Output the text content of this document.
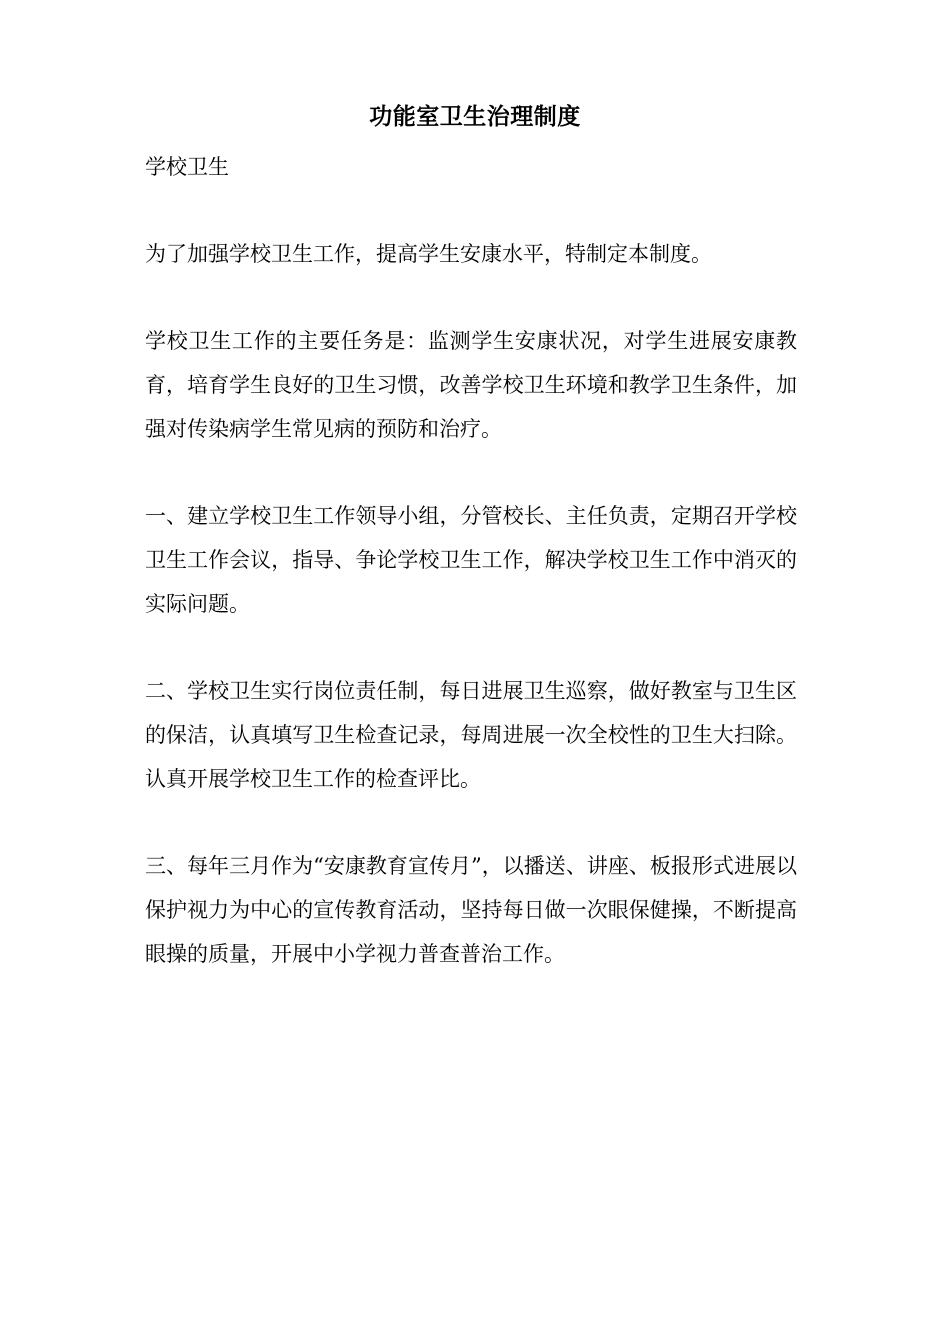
功能室卫生治理制度

学校卫生

为了加强学校卫生工作，提高学生安康水平，特制定本制度。

学校卫生工作的主要任务是：监测学生安康状况，对学生进展安康教育，培育学生良好的卫生习惯，改善学校卫生环境和教学卫生条件，加强对传染病学生常见病的预防和治疗。

一、建立学校卫生工作领导小组，分管校长、主任负责，定期召开学校卫生工作会议，指导、争论学校卫生工作，解决学校卫生工作中消灭的实际问题。

二、学校卫生实行岗位责任制，每日进展卫生巡察，做好教室与卫生区的保洁，认真填写卫生检查记录，每周进展一次全校性的卫生大扫除。认真开展学校卫生工作的检查评比。

三、每年三月作为“安康教育宣传月”，以播送、讲座、板报形式进展以保护视力为中心的宣传教育活动，坚持每日做一次眼保健操，不断提高眼操的质量，开展中小学视力普查普治工作。
